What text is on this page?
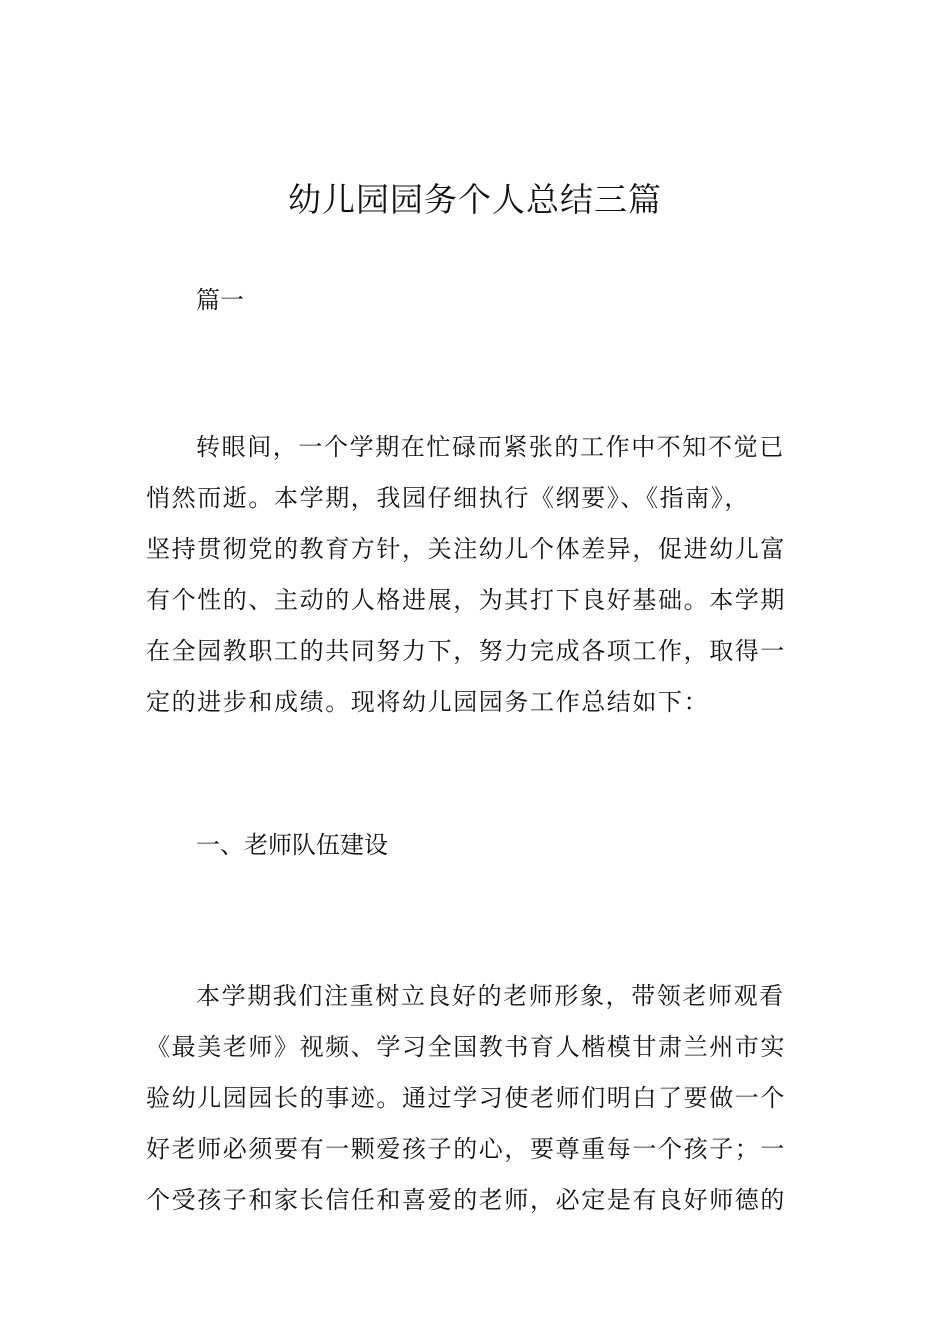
幼儿园园务个人总结三篇

篇一

转眼间，一个学期在忙碌而紧张的工作中不知不觉已
悄然而逝。本学期，我园仔细执行《纲要》、《指南》，
坚持贯彻党的教育方针，关注幼儿个体差异，促进幼儿富
有个性的、主动的人格进展，为其打下良好基础。本学期
在全园教职工的共同努力下，努力完成各项工作，取得一
定的进步和成绩。现将幼儿园园务工作总结如下：

一、老师队伍建设

本学期我们注重树立良好的老师形象，带领老师观看
《最美老师》视频、学习全国教书育人楷模甘肃兰州市实
验幼儿园园长的事迹。通过学习使老师们明白了要做一个
好老师必须要有一颗爱孩子的心，要尊重每一个孩子；一
个受孩子和家长信任和喜爱的老师，必定是有良好师德的
